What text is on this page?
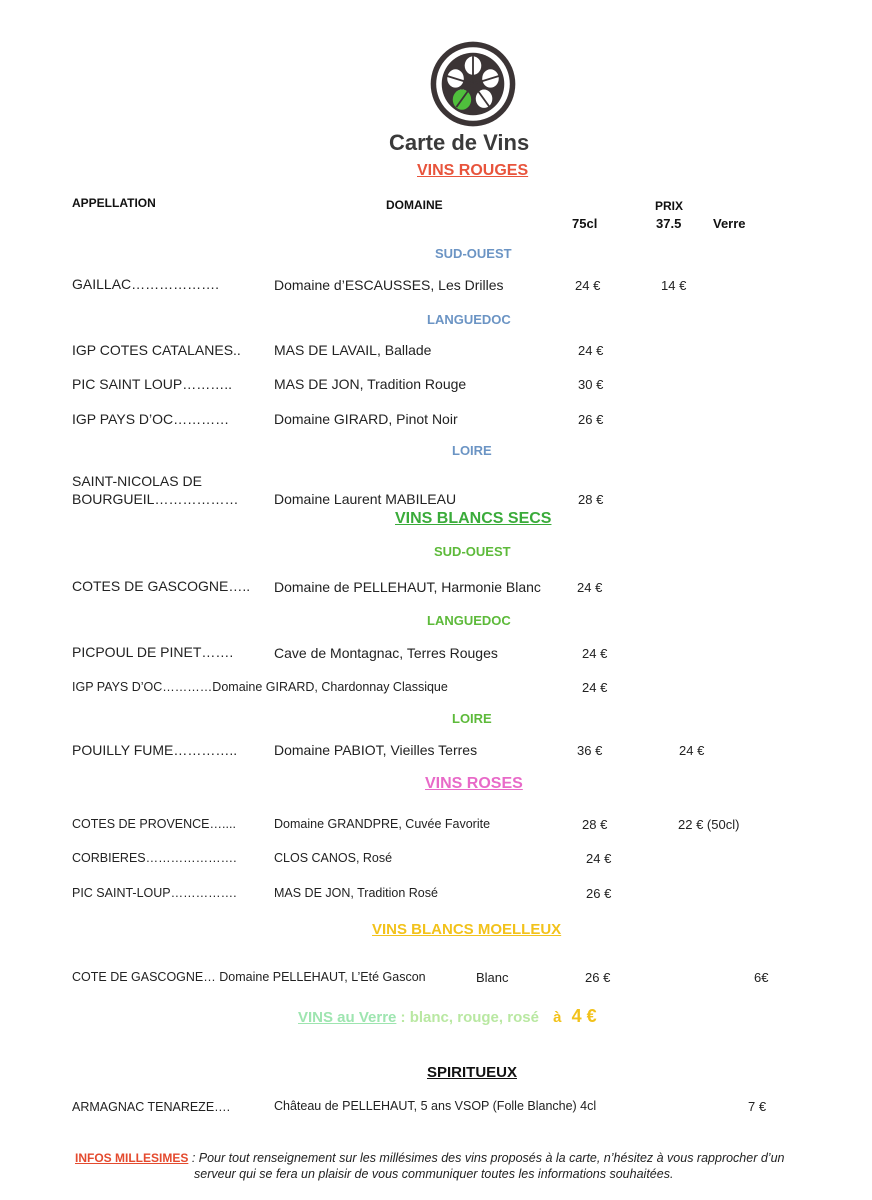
Carte de Vins
VINS ROUGES
APPELLATION	DOMAINE	PRIX
75cl	37.5 Verre
SUD-OUEST
GAILLAC……………….	Domaine d’ESCAUSSES, Les Drilles	24 €	14 €
LANGUEDOC
IGP COTES CATALANES.. MAS DE LAVAIL, Ballade	24 €
PIC SAINT LOUP………..	MAS DE JON, Tradition Rouge	30 €
IGP PAYS D’OC…………	Domaine GIRARD, Pinot Noir	26 €
LOIRE
SAINT-NICOLAS DE
BOURGUEIL………………	Domaine Laurent MABILEAU	28 €
VINS BLANCS SECS
SUD-OUEST
COTES DE GASCOGNE….. Domaine de PELLEHAUT, Harmonie Blanc	24 €
LANGUEDOC
PICPOUL DE PINET…….	Cave de Montagnac, Terres Rouges	24 €
IGP PAYS D’OC…………Domaine GIRARD, Chardonnay Classique	24 €
LOIRE
POUILLY FUME…………..	Domaine PABIOT, Vieilles Terres	36 €	24 €
VINS ROSES
COTES DE PROVENCE…....	Domaine GRANDPRE, Cuvée Favorite	28 €	22 € (50cl)
CORBIERES………………….	CLOS CANOS, Rosé	24 €
PIC SAINT-LOUP…………….	MAS DE JON, Tradition Rosé	26 €
VINS BLANCS MOELLEUX
COTE DE GASCOGNE… Domaine PELLEHAUT, L’Eté Gascon	Blanc	26 €	6€
VINS au Verre : blanc, rouge, rosé à 4 €
SPIRITUEUX
ARMAGNAC TENAREZE….	Château de PELLEHAUT, 5 ans VSOP (Folle Blanche) 4cl	7 €
INFOS MILLESIMES : Pour tout renseignement sur les millésimes des vins proposés à la carte, n’hésitez à vous rapprocher d’un
serveur qui se fera un plaisir de vous communiquer toutes les informations souhaitées.
